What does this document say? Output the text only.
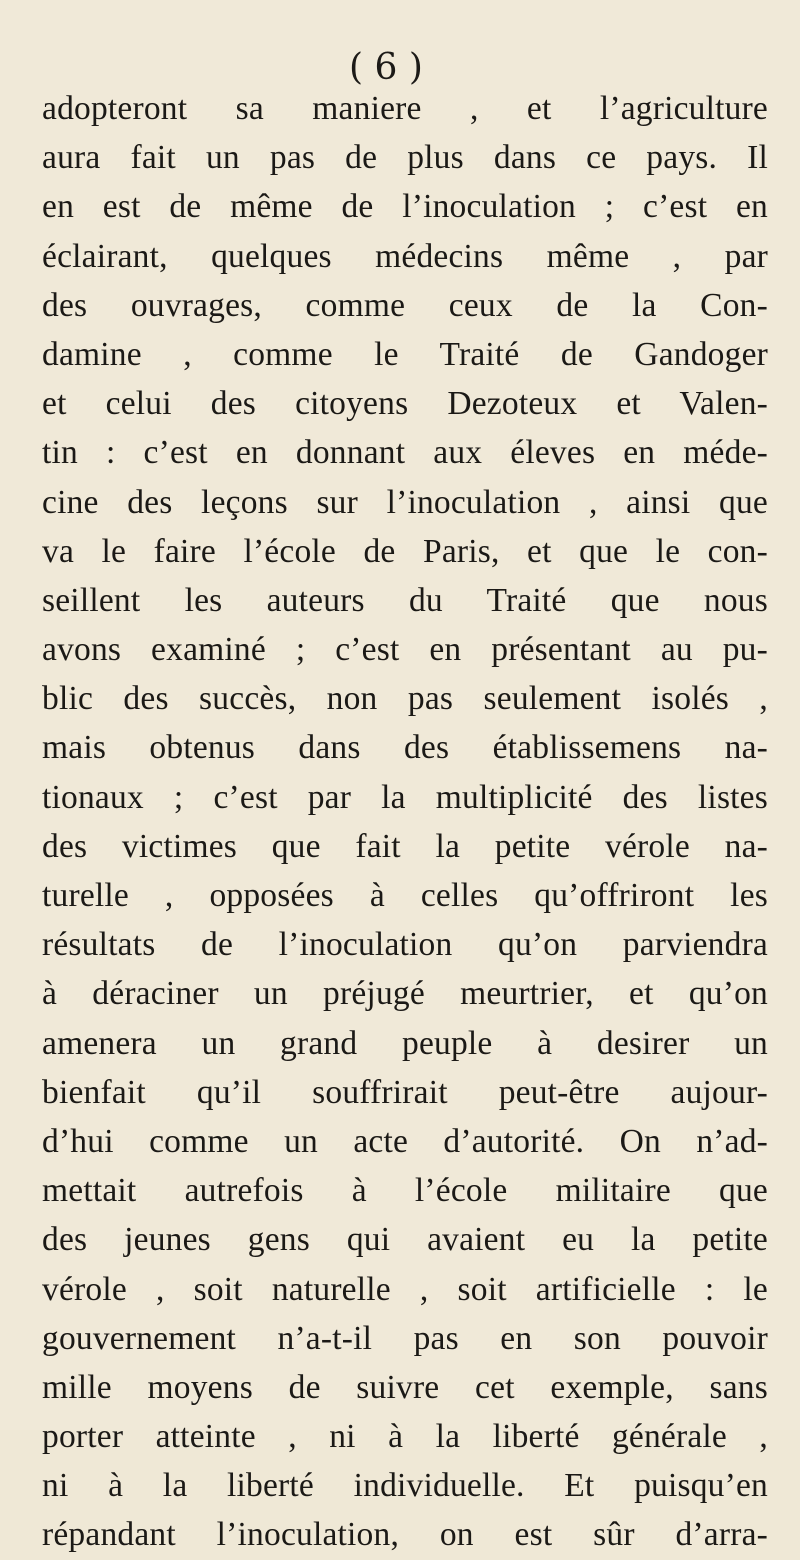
( 6 )
adopteront sa maniere , et l’agriculture
aura fait un pas de plus dans ce pays. Il
en est de même de l’inoculation ; c’est en
éclairant, quelques médecins même , par
des ouvrages, comme ceux de la Con-
damine , comme le Traité de Gandoger
et celui des citoyens Dezoteux et Valen-
tin : c’est en donnant aux éleves en méde-
cine des leçons sur l’inoculation , ainsi que
va le faire l’école de Paris, et que le con-
seillent les auteurs du Traité que nous
avons examiné ; c’est en présentant au pu-
blic des succès, non pas seulement isolés ,
mais obtenus dans des établissemens na-
tionaux ; c’est par la multiplicité des listes
des victimes que fait la petite vérole na-
turelle , opposées à celles qu’offriront les
résultats de l’inoculation qu’on parviendra
à déraciner un préjugé meurtrier, et qu’on
amenera un grand peuple à desirer un
bienfait qu’il souffrirait peut-être aujour-
d’hui comme un acte d’autorité. On n’ad-
mettait autrefois à l’école militaire que
des jeunes gens qui avaient eu la petite
vérole , soit naturelle , soit artificielle : le
gouvernement n’a-t-il pas en son pouvoir
mille moyens de suivre cet exemple, sans
porter atteinte , ni à la liberté générale ,
ni à la liberté individuelle. Et puisqu’en
répandant l’inoculation, on est sûr d’arra-
